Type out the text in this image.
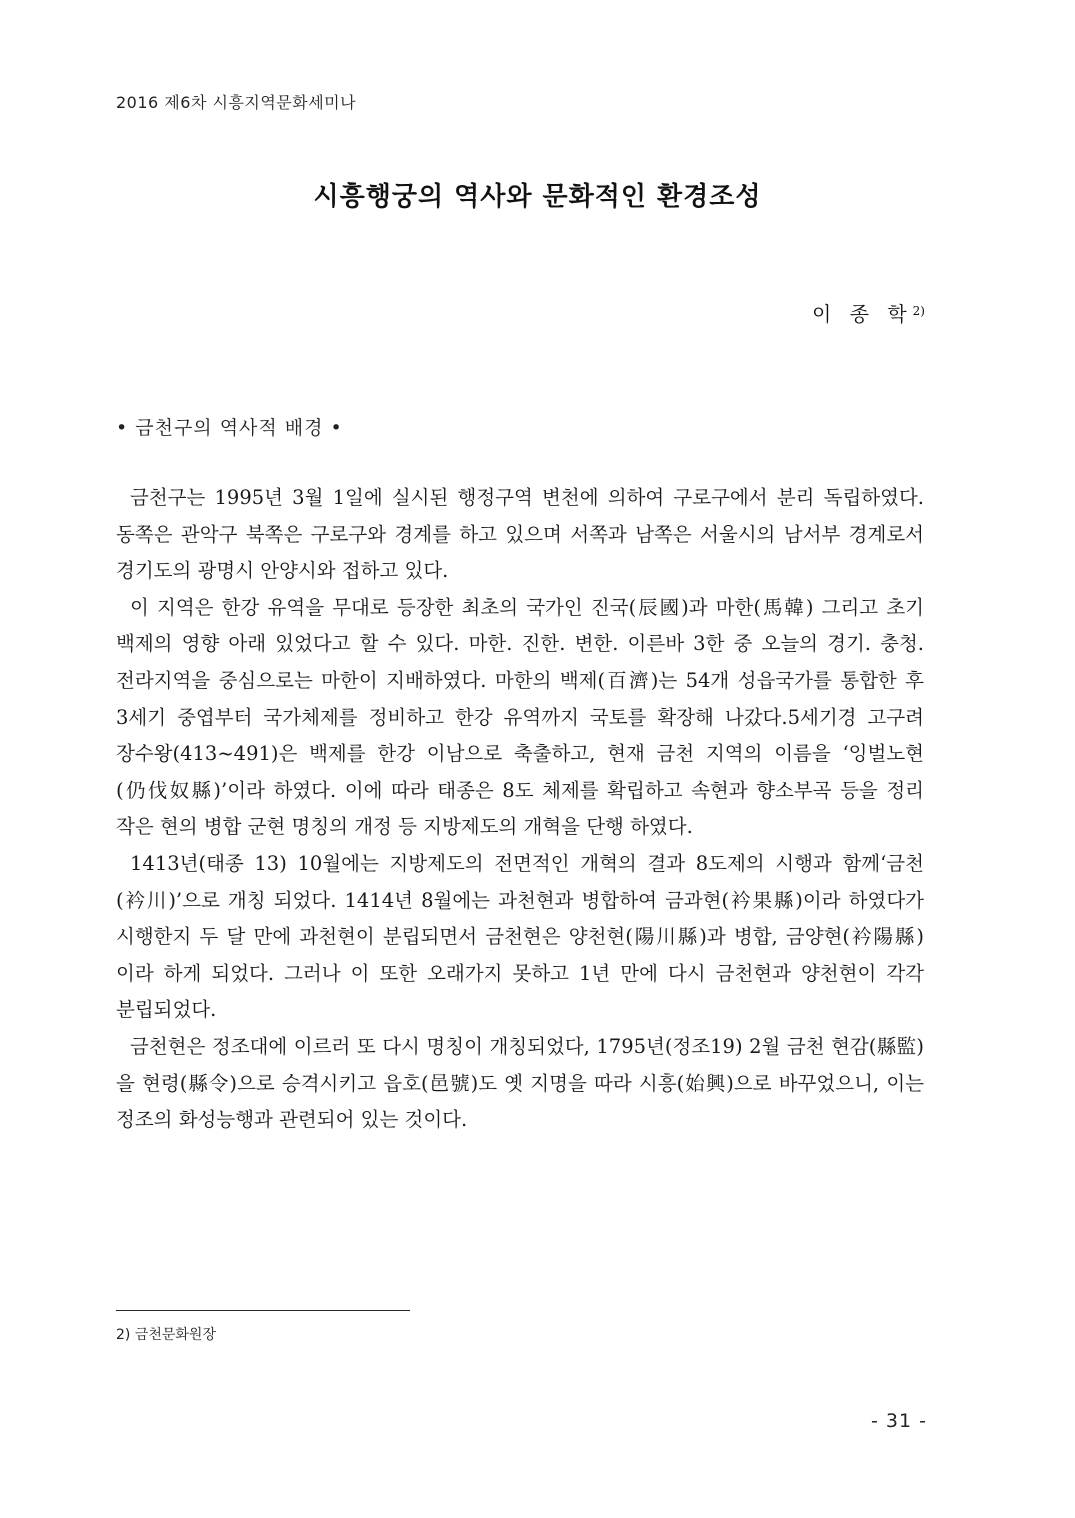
2016 제6차 시흥지역문화세미나
시흥행궁의 역사와 문화적인 환경조성
이 종 학$^{2)}$
• 금천구의 역사적 배경 •

금천구는 1995년 3월 1일에 실시된 행정구역 변천에 의하여 구로구에서 분리 독립하였다. 동쪽은 관악구 북쪽은 구로구와 경계를 하고 있으며 서쪽과 남쪽은 서울시의 남서부 경계로서 경기도의 광명시 안양시와 접하고 있다.

이 지역은 한강 유역을 무대로 등장한 최초의 국가인 진국(辰國)과 마한(馬韓) 그리고 초기 백제의 영향 아래 있었다고 할 수 있다. 마한. 진한. 변한. 이른바 3한 중 오늘의 경기. 충청. 전라지역을 중심으로는 마한이 지배하였다. 마한의 백제(百濟)는 54개 성읍국가를 통합한 후 3세기 중엽부터 국가체제를 정비하고 한강 유역까지 국토를 확장해 나갔다.5세기경 고구려 장수왕(413~491)은 백제를 한강 이남으로 축출하고, 현재 금천 지역의 이름을 ‘잉벌노현(仍伐奴縣)’이라 하였다. 이에 따라 태종은 8도 체제를 확립하고 속현과 향소부곡 등을 정리 작은 현의 병합 군현 명칭의 개정 등 지방제도의 개혁을 단행 하였다.

1413년(태종 13) 10월에는 지방제도의 전면적인 개혁의 결과 8도제의 시행과 함께‘금천(衿川)’으로 개칭 되었다. 1414년 8월에는 과천현과 병합하여 금과현(衿果縣)이라 하였다가 시행한지 두 달 만에 과천현이 분립되면서 금천현은 양천현(陽川縣)과 병합, 금양현(衿陽縣)이라 하게 되었다. 그러나 이 또한 오래가지 못하고 1년 만에 다시 금천현과 양천현이 각각 분립되었다.

금천현은 정조대에 이르러 또 다시 명칭이 개칭되었다, 1795년(정조19) 2월 금천 현감(縣監)을 현령(縣令)으로 승격시키고 읍호(邑號)도 옛 지명을 따라 시흥(始興)으로 바꾸었으니, 이는 정조의 화성능행과 관련되어 있는 것이다.

2) 금천문화원장
- 31 -
